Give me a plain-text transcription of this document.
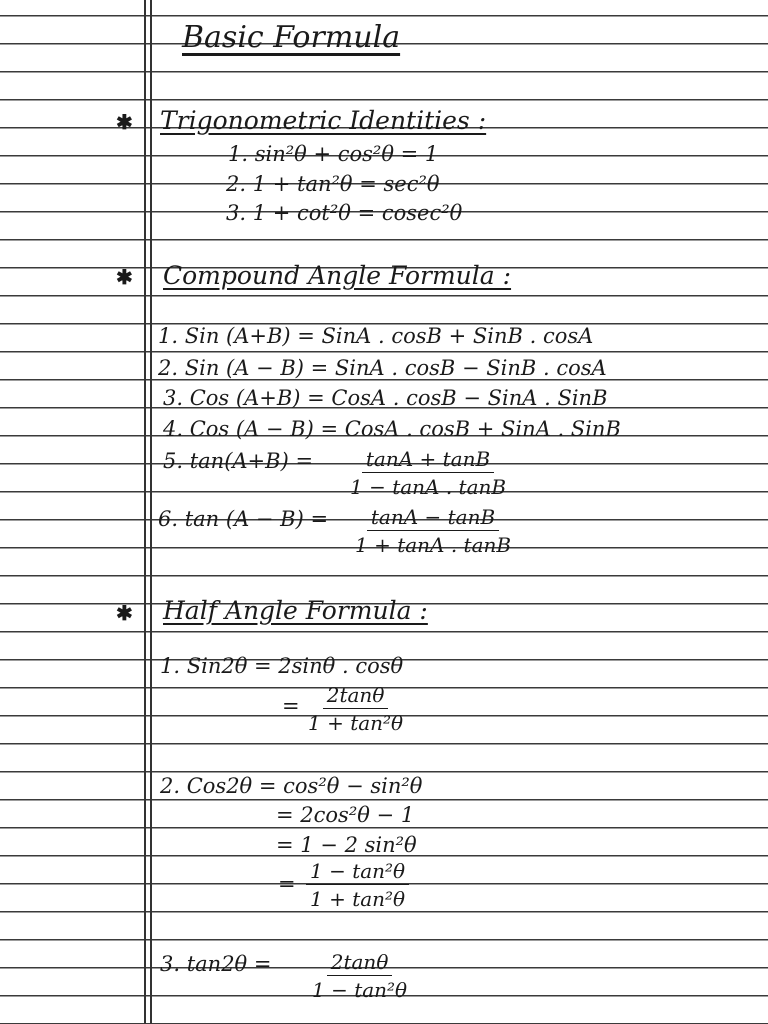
Basic Formula
✱ Trigonometric Identities :
1. sin²θ + cos²θ = 1
2. 1 + tan²θ = sec²θ
3. 1 + cot²θ = cosec²θ
✱ Compound Angle Formula :
1. Sin (A+B) = SinA . cosB + SinB . cosA
2. Sin (A − B) = SinA . cosB − SinB . cosA
3. Cos (A+B) = CosA . cosB − SinA . SinB
4. Cos (A − B) = CosA . cosB + SinA . SinB
5. $\tan(A+B) = \frac{\tan A + \tan B}{1 - \tan A . \tan B}$
6. $\tan (A - B) = \frac{\tan A - \tan B}{1 + \tan A . \tan B}$
✱ Half Angle Formula :
1. Sin2θ = 2sinθ . cosθ
= $\frac{2\tan\theta}{\text{1 + tan²θ}}$
2. Cos2θ = cos²θ − sin²θ
= 2cos²θ − 1
= 1 − 2 sin²θ
= $\frac{\text{1 − tan²θ}}{\text{1 + tan²θ}}$
3. $\tan 2\theta = \frac{2\tan\theta}{\text{1 − tan²θ}}$
